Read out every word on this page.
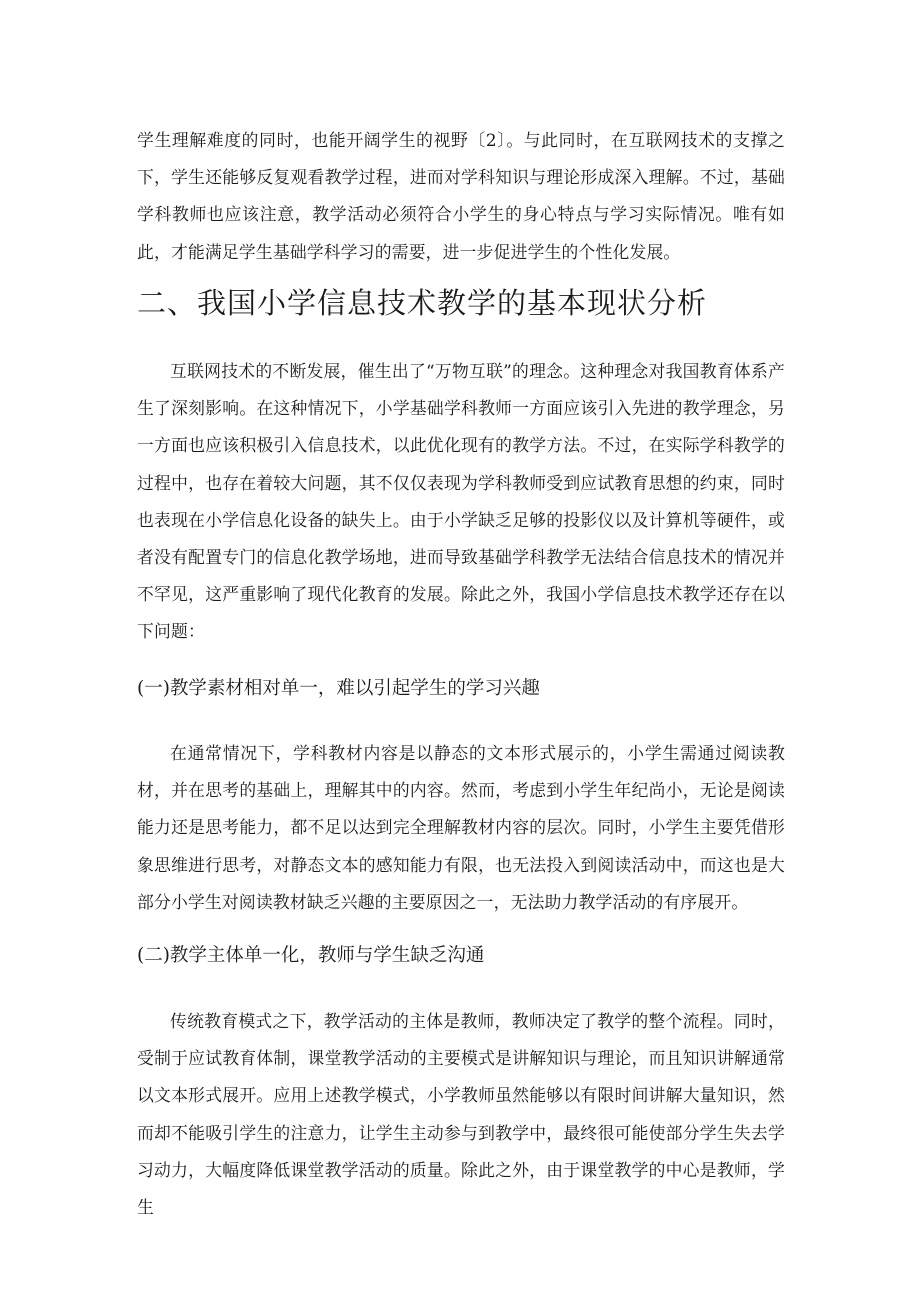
学生理解难度的同时，也能开阔学生的视野〔2〕。与此同时，在互联网技术的支撑之下，学生还能够反复观看教学过程，进而对学科知识与理论形成深入理解。不过，基础学科教师也应该注意，教学活动必须符合小学生的身心特点与学习实际情况。唯有如此，才能满足学生基础学科学习的需要，进一步促进学生的个性化发展。

二、我国小学信息技术教学的基本现状分析

互联网技术的不断发展，催生出了“万物互联”的理念。这种理念对我国教育体系产生了深刻影响。在这种情况下，小学基础学科教师一方面应该引入先进的教学理念，另一方面也应该积极引入信息技术，以此优化现有的教学方法。不过，在实际学科教学的过程中，也存在着较大问题，其不仅仅表现为学科教师受到应试教育思想的约束，同时也表现在小学信息化设备的缺失上。由于小学缺乏足够的投影仪以及计算机等硬件，或者没有配置专门的信息化教学场地，进而导致基础学科教学无法结合信息技术的情况并不罕见，这严重影响了现代化教育的发展。除此之外，我国小学信息技术教学还存在以下问题：

(一)教学素材相对单一，难以引起学生的学习兴趣

在通常情况下，学科教材内容是以静态的文本形式展示的，小学生需通过阅读教材，并在思考的基础上，理解其中的内容。然而，考虑到小学生年纪尚小，无论是阅读能力还是思考能力，都不足以达到完全理解教材内容的层次。同时，小学生主要凭借形象思维进行思考，对静态文本的感知能力有限，也无法投入到阅读活动中，而这也是大部分小学生对阅读教材缺乏兴趣的主要原因之一，无法助力教学活动的有序展开。

(二)教学主体单一化，教师与学生缺乏沟通

传统教育模式之下，教学活动的主体是教师，教师决定了教学的整个流程。同时，受制于应试教育体制，课堂教学活动的主要模式是讲解知识与理论，而且知识讲解通常以文本形式展开。应用上述教学模式，小学教师虽然能够以有限时间讲解大量知识，然而却不能吸引学生的注意力，让学生主动参与到教学中，最终很可能使部分学生失去学习动力，大幅度降低课堂教学活动的质量。除此之外，由于课堂教学的中心是教师，学生
